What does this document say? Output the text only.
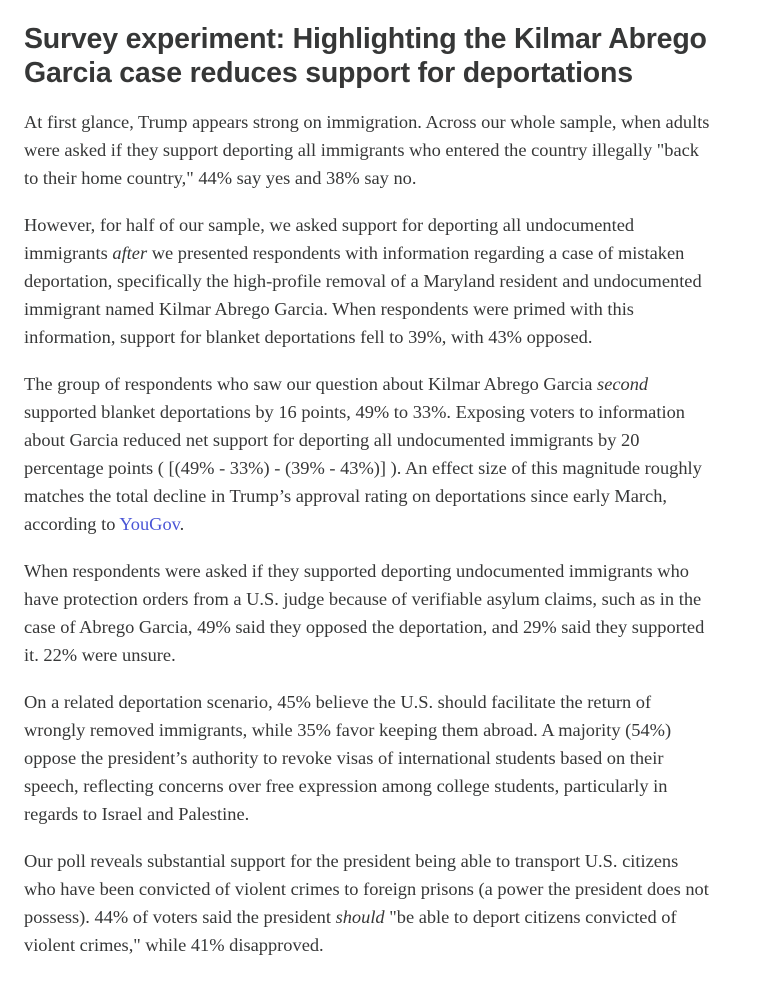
Survey experiment: Highlighting the Kilmar Abrego Garcia case reduces support for deportations

At first glance, Trump appears strong on immigration. Across our whole sample, when adults were asked if they support deporting all immigrants who entered the country illegally "back to their home country," 44% say yes and 38% say no.

However, for half of our sample, we asked support for deporting all undocumented immigrants after we presented respondents with information regarding a case of mistaken deportation, specifically the high-profile removal of a Maryland resident and undocumented immigrant named Kilmar Abrego Garcia. When respondents were primed with this information, support for blanket deportations fell to 39%, with 43% opposed.

The group of respondents who saw our question about Kilmar Abrego Garcia second supported blanket deportations by 16 points, 49% to 33%. Exposing voters to information about Garcia reduced net support for deporting all undocumented immigrants by 20 percentage points ( [(49% - 33%) - (39% - 43%)] ). An effect size of this magnitude roughly matches the total decline in Trump’s approval rating on deportations since early March, according to YouGov.

When respondents were asked if they supported deporting undocumented immigrants who have protection orders from a U.S. judge because of verifiable asylum claims, such as in the case of Abrego Garcia, 49% said they opposed the deportation, and 29% said they supported it. 22% were unsure.

On a related deportation scenario, 45% believe the U.S. should facilitate the return of wrongly removed immigrants, while 35% favor keeping them abroad. A majority (54%) oppose the president’s authority to revoke visas of international students based on their speech, reflecting concerns over free expression among college students, particularly in regards to Israel and Palestine.

Our poll reveals substantial support for the president being able to transport U.S. citizens who have been convicted of violent crimes to foreign prisons (a power the president does not possess). 44% of voters said the president should "be able to deport citizens convicted of violent crimes," while 41% disapproved.
